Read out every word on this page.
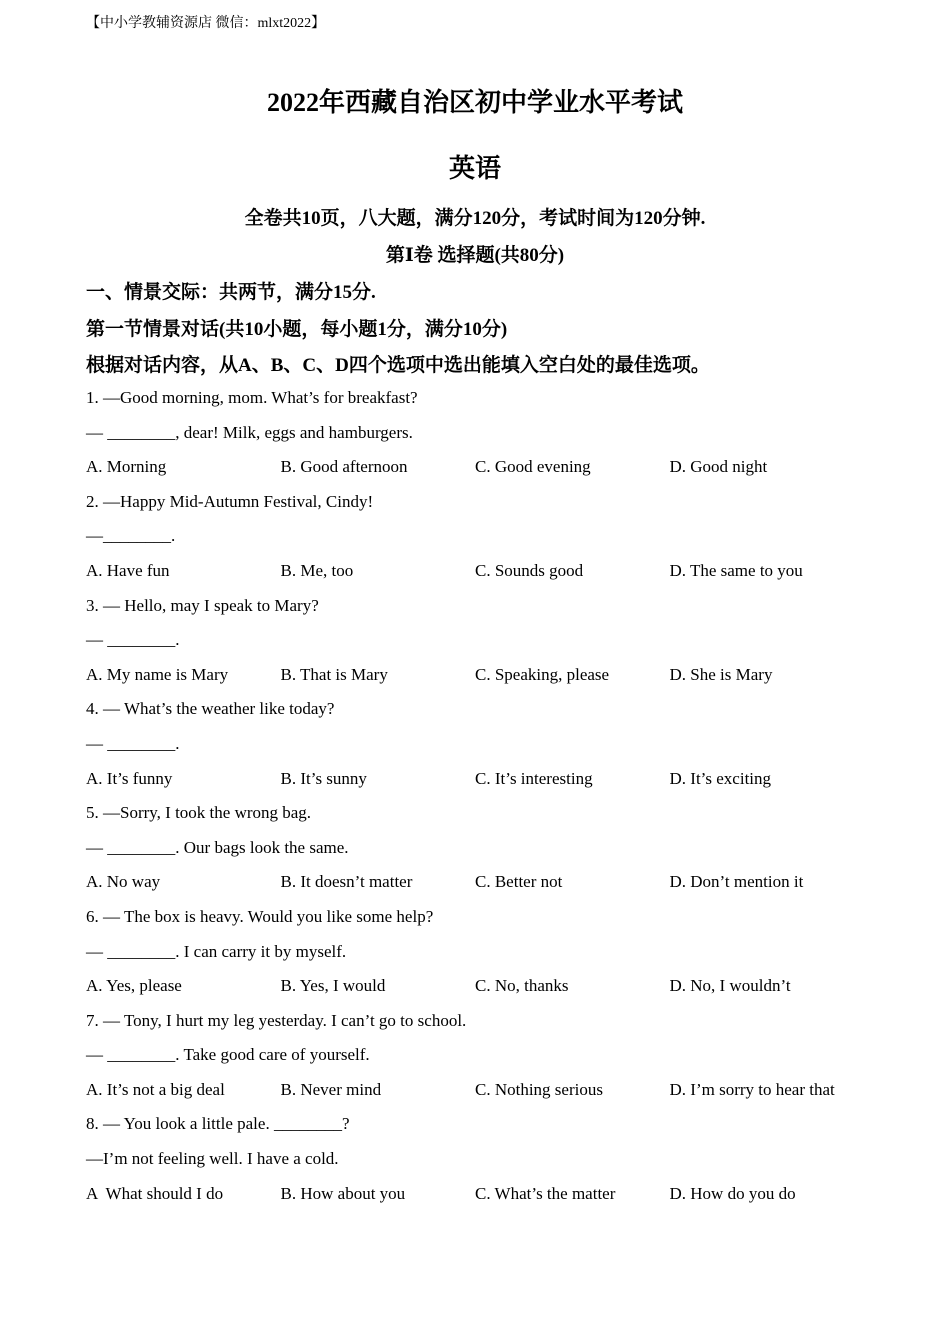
【中小学教辅资源店 微信：mlxt2022】
2022年西藏自治区初中学业水平考试
英语
全卷共10页，八大题，满分120分，考试时间为120分钟.
第Ⅰ卷 选择题(共80分)
一、情景交际：共两节，满分15分.
第一节情景对话(共10小题，每小题1分，满分10分)
根据对话内容，从A、B、C、D四个选项中选出能填入空白处的最佳选项。
1. —Good morning, mom. What’s for breakfast?
— ________, dear! Milk, eggs and hamburgers.
A. Morning	B. Good afternoon	C. Good evening	D. Good night
2. —Happy Mid-Autumn Festival, Cindy!
—________.
A. Have fun	B. Me, too	C. Sounds good	D. The same to you
3. — Hello, may I speak to Mary?
— ________.
A. My name is Mary	B. That is Mary	C. Speaking, please	D. She is Mary
4. — What’s the weather like today?
— ________.
A. It’s funny	B. It’s sunny	C. It’s interesting	D. It’s exciting
5. —Sorry, I took the wrong bag.
— ________. Our bags look the same.
A. No way	B. It doesn’t matter	C. Better not	D. Don’t mention it
6. — The box is heavy. Would you like some help?
— ________. I can carry it by myself.
A. Yes, please	B. Yes, I would	C. No, thanks	D. No, I wouldn’t
7. — Tony, I hurt my leg yesterday. I can’t go to school.
— ________. Take good care of yourself.
A. It’s not a big deal	B. Never mind	C. Nothing serious	D. I’m sorry to hear that
8. — You look a little pale. ________?
—I’m not feeling well. I have a cold.
A  What should I do	B. How about you	C. What’s the matter	D. How do you do
